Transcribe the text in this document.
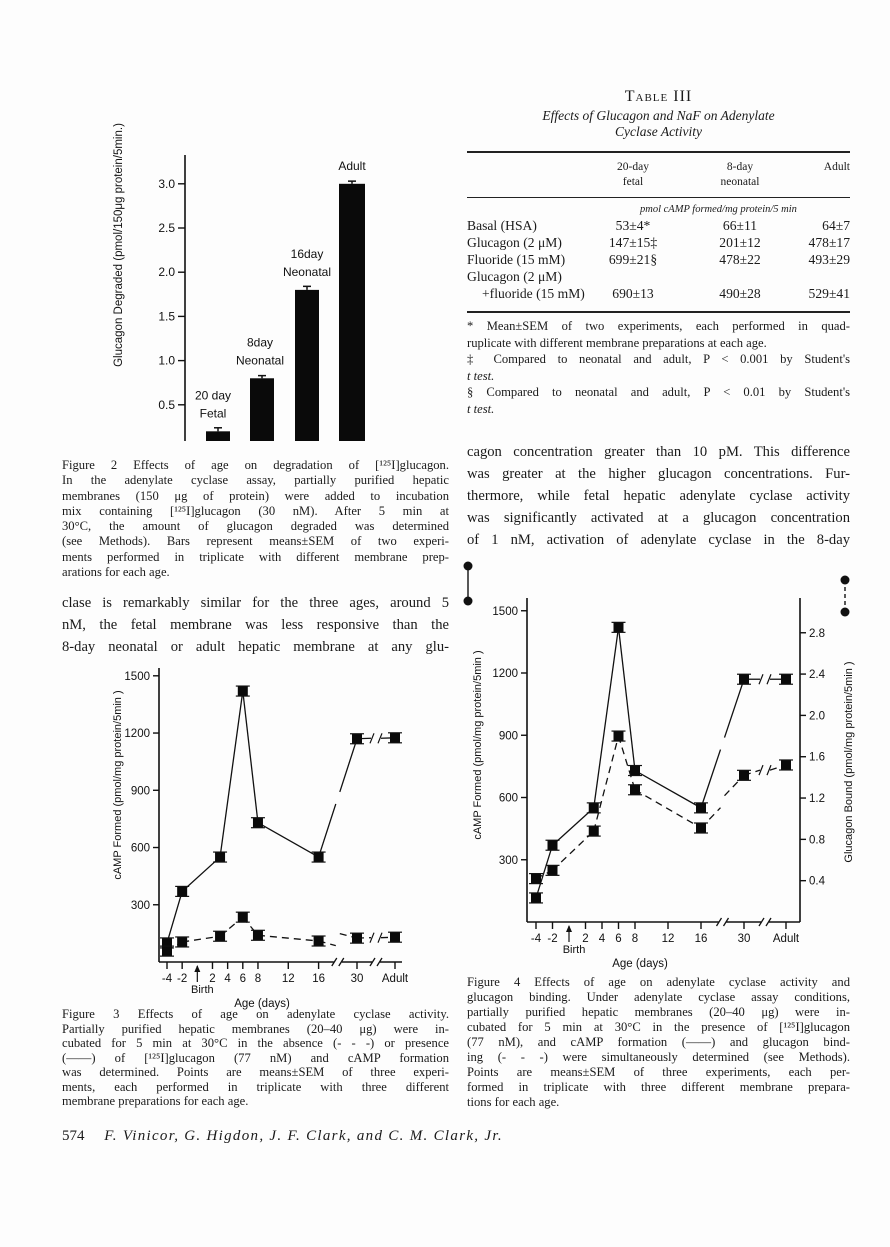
0.5
1.0
1.5
2.0
2.5
3.0
Glucagon Degraded (pmol/150μg protein/5min.)
20 day
Fetal
8day
Neonatal
16day
Neonatal
Adult
300
600
900
1200
1500
cAMP Formed (pmol/mg protein/5min )
-4 -2 2 4 6 8 12 16 30 Adult
Birth
Age (days)
300
600
900
1200
1500
cAMP Formed (pmol/mg protein/5min )
-4 -2 2 4 6 8 12 16	30 Adult
Birth
Age (days)
0.4
0.8
1.2
1.6
2.0
2.4
2.8
Glucagon Bound (pmol/mg protein/5min )
Table III
Effects of Glucagon and NaF on Adenylate
Cyclase Activity
20-day
fetal
8-day
neonatal
Adult
pmol cAMP formed/mg protein/5 min
Basal (HSA)	53±4*	66±11	64±7
Glucagon (2 μM)	147±15‡	201±12	478±17
Fluoride (15 mM)	699±21§	478±22	493±29
Glucagon (2 μM)
+fluoride (15 mM)	690±13	490±28	529±41
* Mean±SEM of two experiments, each performed in quad-
ruplicate with different membrane preparations at each age.
‡ Compared to neonatal and adult, P < 0.001 by Student's
t test.
§ Compared to neonatal and adult, P < 0.01 by Student's
t test.
Figure 2 Effects of age on degradation of [¹²⁵I]glucagon.
In the adenylate cyclase assay, partially purified hepatic
membranes (150 μg of protein) were added to incubation
mix containing [¹²⁵I]glucagon (30 nM). After 5 min at
30°C, the amount of glucagon degraded was determined
(see Methods). Bars represent means±SEM of two experi-
ments performed in triplicate with different membrane prep-
arations for each age.
clase is remarkably similar for the three ages, around 5
nM, the fetal membrane was less responsive than the
8-day neonatal or adult hepatic membrane at any glu-
cagon concentration greater than 10 pM. This difference
was greater at the higher glucagon concentrations. Fur-
thermore, while fetal hepatic adenylate cyclase activity
was significantly activated at a glucagon concentration
of 1 nM, activation of adenylate cyclase in the 8-day
Figure 3 Effects of age on adenylate cyclase activity.
Partially purified hepatic membranes (20–40 μg) were in-
cubated for 5 min at 30°C in the absence (- - -) or presence
(——) of [¹²⁵I]glucagon (77 nM) and cAMP formation
was determined. Points are means±SEM of three experi-
ments, each performed in triplicate with three different
membrane preparations for each age.
Figure 4 Effects of age on adenylate cyclase activity and
glucagon binding. Under adenylate cyclase assay conditions,
partially purified hepatic membranes (20–40 μg) were in-
cubated for 5 min at 30°C in the presence of [¹²⁵I]glucagon
(77 nM), and cAMP formation (——) and glucagon bind-
ing (- - -) were simultaneously determined (see Methods).
Points are means±SEM of three experiments, each per-
formed in triplicate with three different membrane prepara-
tions for each age.
574 F. Vinicor, G. Higdon, J. F. Clark, and C. M. Clark, Jr.
